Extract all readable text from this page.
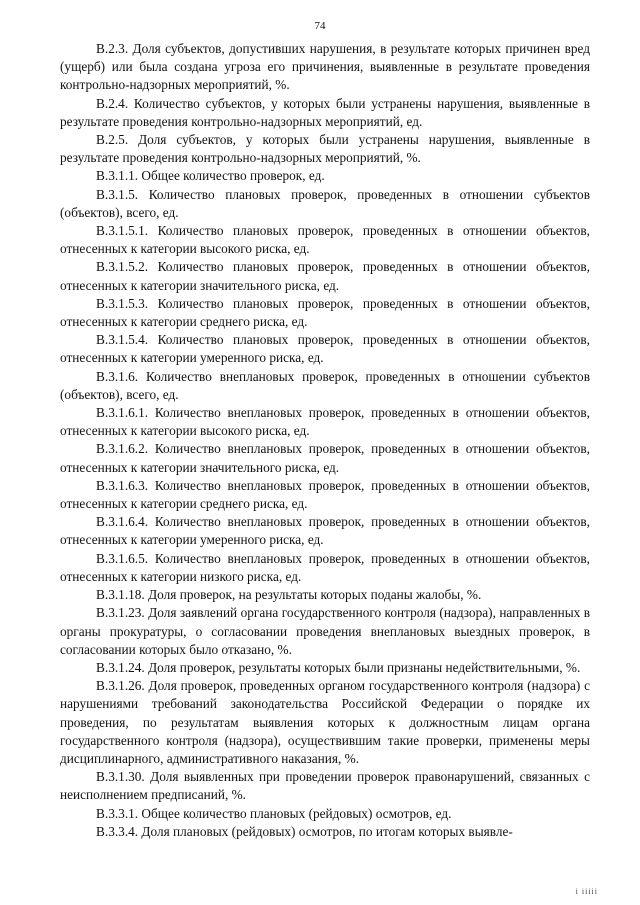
74

В.2.3. Доля субъектов, допустивших нарушения, в результате которых причинен вред (ущерб) или была создана угроза его причинения, выявленные в результате проведения контрольно-надзорных мероприятий, %.

В.2.4. Количество субъектов, у которых были устранены нарушения, выявленные в результате проведения контрольно-надзорных мероприятий, ед.

В.2.5. Доля субъектов, у которых были устранены нарушения, выявленные в результате проведения контрольно-надзорных мероприятий, %.

В.3.1.1. Общее количество проверок, ед.

В.3.1.5. Количество плановых проверок, проведенных в отношении субъектов (объектов), всего, ед.

В.3.1.5.1. Количество плановых проверок, проведенных в отношении объектов, отнесенных к категории высокого риска, ед.

В.3.1.5.2. Количество плановых проверок, проведенных в отношении объектов, отнесенных к категории значительного риска, ед.

В.3.1.5.3. Количество плановых проверок, проведенных в отношении объектов, отнесенных к категории среднего риска, ед.

В.3.1.5.4. Количество плановых проверок, проведенных в отношении объектов, отнесенных к категории умеренного риска, ед.

В.3.1.6. Количество внеплановых проверок, проведенных в отношении субъектов (объектов), всего, ед.

В.3.1.6.1. Количество внеплановых проверок, проведенных в отношении объектов, отнесенных к категории высокого риска, ед.

В.3.1.6.2. Количество внеплановых проверок, проведенных в отношении объектов, отнесенных к категории значительного риска, ед.

В.3.1.6.3. Количество внеплановых проверок, проведенных в отношении объектов, отнесенных к категории среднего риска, ед.

В.3.1.6.4. Количество внеплановых проверок, проведенных в отношении объектов, отнесенных к категории умеренного риска, ед.

В.3.1.6.5. Количество внеплановых проверок, проведенных в отношении объектов, отнесенных к категории низкого риска, ед.

В.3.1.18. Доля проверок, на результаты которых поданы жалобы, %.

В.3.1.23. Доля заявлений органа государственного контроля (надзора), направленных в органы прокуратуры, о согласовании проведения внеплановых выездных проверок, в согласовании которых было отказано, %.

В.3.1.24. Доля проверок, результаты которых были признаны недействительными, %.

В.3.1.26. Доля проверок, проведенных органом государственного контроля (надзора) с нарушениями требований законодательства Российской Федерации о порядке их проведения, по результатам выявления которых к должностным лицам органа государственного контроля (надзора), осуществившим такие проверки, применены меры дисциплинарного, административного наказания, %.

В.3.1.30. Доля выявленных при проведении проверок правонарушений, связанных с неисполнением предписаний, %.

В.3.3.1. Общее количество плановых (рейдовых) осмотров, ед.

В.3.3.4. Доля плановых (рейдовых) осмотров, по итогам которых выявле-

і ііііі
